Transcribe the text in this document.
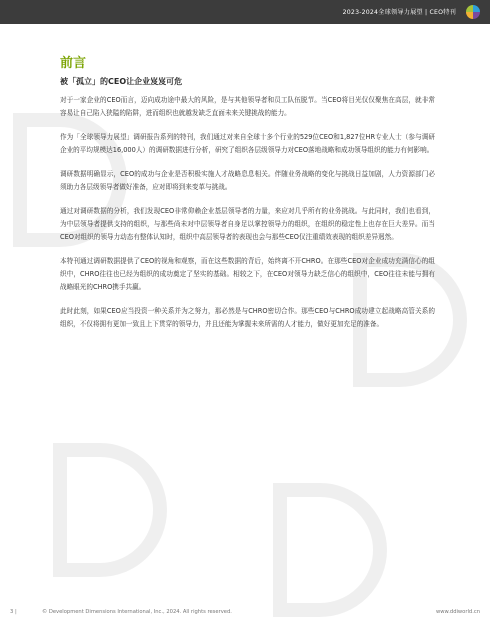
2023-2024全球领导力展望 | CEO特刊
前言
被「孤立」的CEO让企业岌岌可危

对于一家企业的CEO而言，迈向成功途中最大的风险，是与其他领导者和员工队伍脱节。当CEO将目光仅仅聚焦在高层，就非常容易让自己陷入狭隘的陷阱，进而组织也就越发缺乏直面未来关键挑战的能力。

作为「全球领导力展望」调研报告系列的特刊，我们通过对来自全球十多个行业的529位CEO和1,827位HR专业人士（参与调研企业的平均规模达16,000人）的调研数据进行分析，研究了组织各层级领导力对CEO落地战略和成功领导组织的能力有何影响。

调研数据明确显示，CEO的成功与企业是否积极实施人才战略息息相关。伴随业务战略的变化与挑战日益加剧，人力资源部门必须助力各层级领导者做好准备，应对即将到来变革与挑战。

通过对调研数据的分析，我们发现CEO非常仰赖企业基层领导者的力量，来应对几乎所有的业务挑战。与此同时，我们也看到，为中层领导者提供支持的组织，与那些尚未对中层领导者自身足以掌控领导力的组织，在组织的稳定性上也存在巨大差异。而当CEO对组织的领导力动态有整体认知时，组织中高层领导者的表现也会与那些CEO仅注重绩效表现的组织差异迥然。

本特刊通过调研数据提供了CEO的视角和观察，而在这些数据的背后，始终离不开CHRO。在那些CEO对企业成功充满信心的组织中，CHRO往往也已经为组织的成功奠定了坚实的基础。相较之下，在CEO对领导力缺乏信心的组织中，CEO往往未能与拥有战略眼光的CHRO携手共赢。

此时此刻，如果CEO应当投资一种关系并为之努力，那必然是与CHRO密切合作。那些CEO与CHRO成功建立起战略高管关系的组织，不仅将拥有更加一致且上下贯穿的领导力，并且还能为掌握未来所需的人才能力，做好更加充足的准备。

3 |	© Development Dimensions International, Inc., 2024. All rights reserved.	www.ddiworld.cn
